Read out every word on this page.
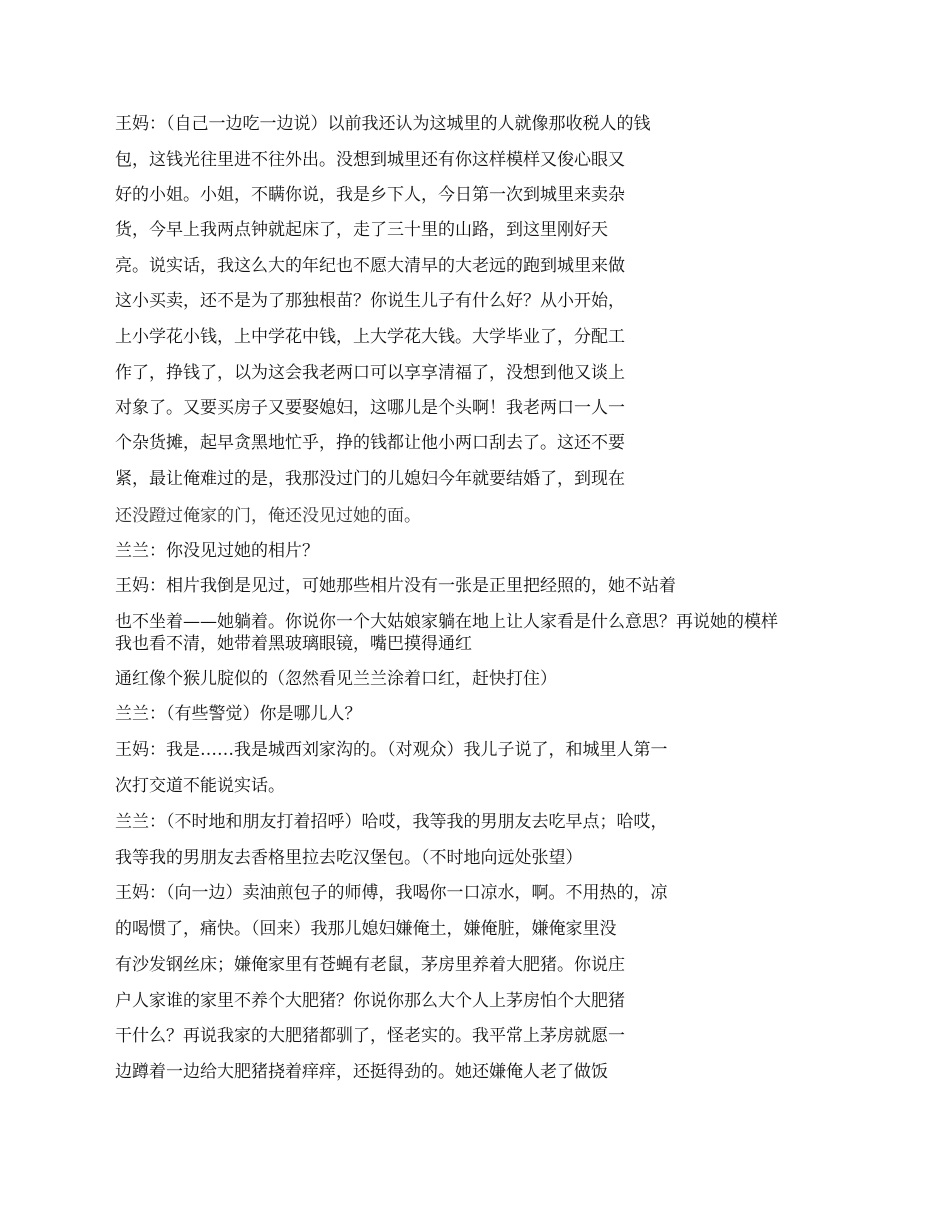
王妈：（自己一边吃一边说）以前我还认为这城里的人就像那收税人的钱
包，这钱光往里进不往外出。没想到城里还有你这样模样又俊心眼又
好的小姐。小姐，不瞒你说，我是乡下人，今日第一次到城里来卖杂
货，今早上我两点钟就起床了，走了三十里的山路，到这里刚好天
亮。说实话，我这么大的年纪也不愿大清早的大老远的跑到城里来做
这小买卖，还不是为了那独根苗？你说生儿子有什么好？从小开始，
上小学花小钱，上中学花中钱，上大学花大钱。大学毕业了，分配工
作了，挣钱了，以为这会我老两口可以享享清福了，没想到他又谈上
对象了。又要买房子又要娶媳妇，这哪儿是个头啊！我老两口一人一
个杂货摊，起早贪黑地忙乎，挣的钱都让他小两口刮去了。这还不要
紧，最让俺难过的是，我那没过门的儿媳妇今年就要结婚了，到现在
还没蹬过俺家的门，俺还没见过她的面。
兰兰：你没见过她的相片？
王妈：相片我倒是见过，可她那些相片没有一张是正里把经照的，她不站着
也不坐着——她躺着。你说你一个大姑娘家躺在地上让人家看是什么意思？再说她的模样
我也看不清，她带着黑玻璃眼镜，嘴巴摸得通红
通红像个猴儿腚似的（忽然看见兰兰涂着口红，赶快打住）
兰兰：（有些警觉）你是哪儿人？
王妈：我是……我是城西刘家沟的。（对观众）我儿子说了，和城里人第一
次打交道不能说实话。
兰兰：（不时地和朋友打着招呼）哈哎，我等我的男朋友去吃早点；哈哎，
我等我的男朋友去香格里拉去吃汉堡包。（不时地向远处张望）
王妈：（向一边）卖油煎包子的师傅，我喝你一口凉水，啊。不用热的，凉
的喝惯了，痛快。（回来）我那儿媳妇嫌俺土，嫌俺脏，嫌俺家里没
有沙发钢丝床；嫌俺家里有苍蝇有老鼠，茅房里养着大肥猪。你说庄
户人家谁的家里不养个大肥猪？你说你那么大个人上茅房怕个大肥猪
干什么？再说我家的大肥猪都驯了，怪老实的。我平常上茅房就愿一
边蹲着一边给大肥猪挠着痒痒，还挺得劲的。她还嫌俺人老了做饭
